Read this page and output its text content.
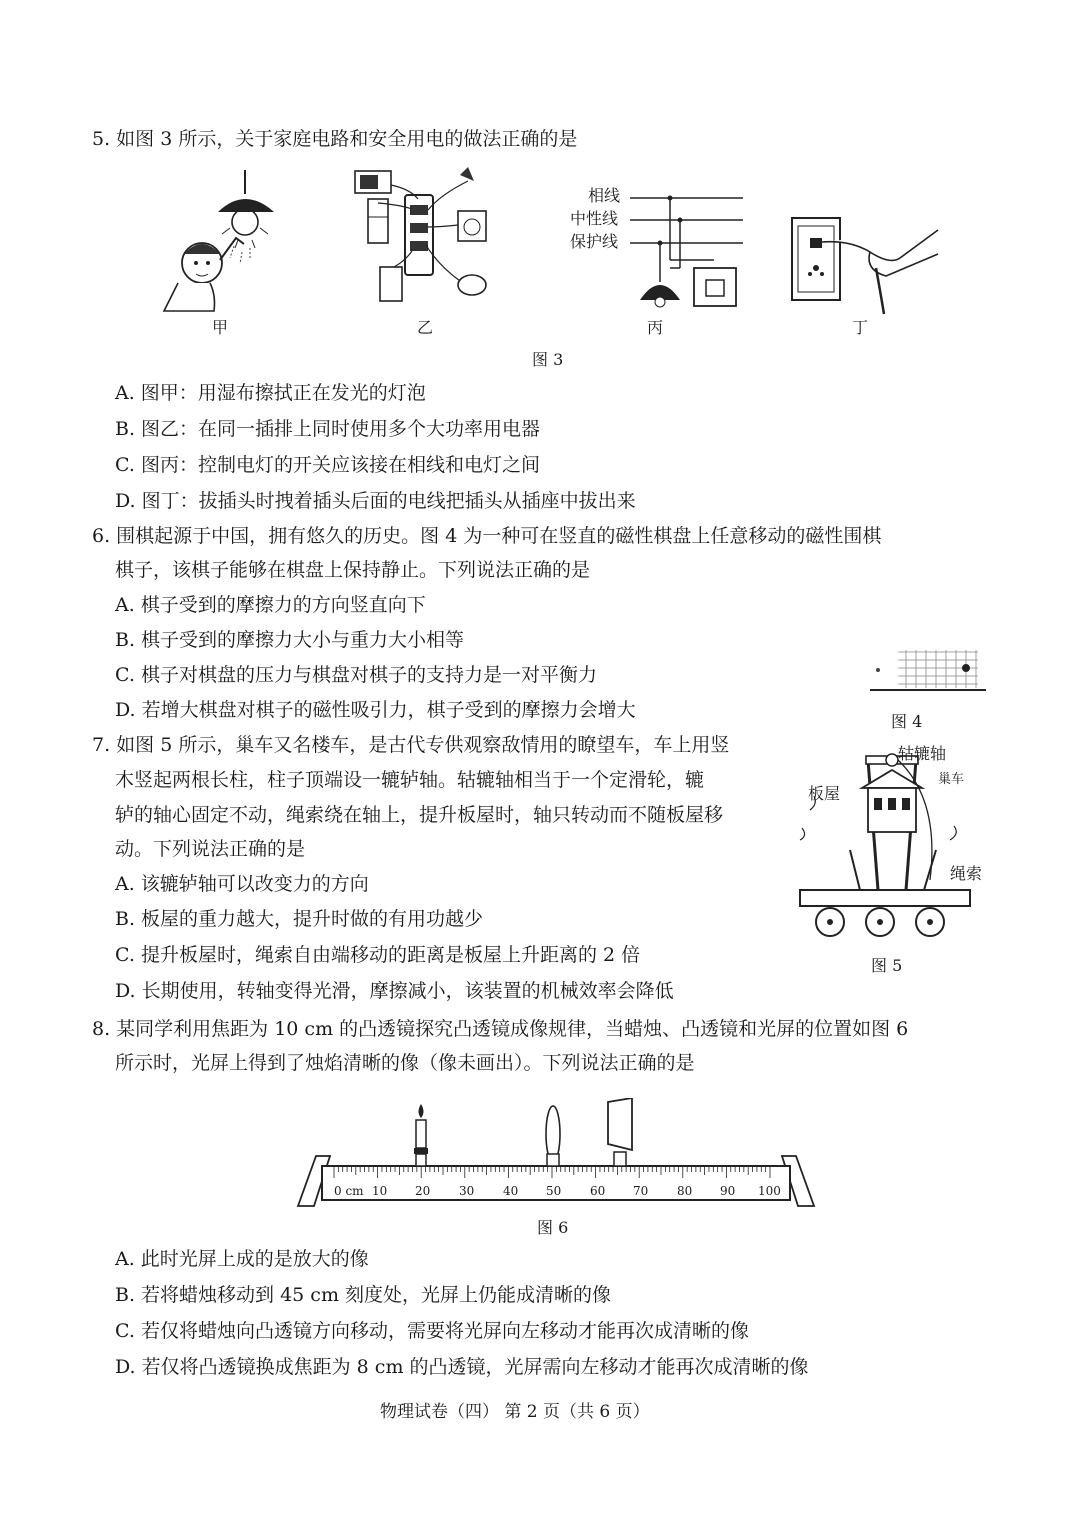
5. 如图 3 所示，关于家庭电路和安全用电的做法正确的是
甲	乙
相线
中性线
保护线
丙	丁
图 3
A. 图甲：用湿布擦拭正在发光的灯泡
B. 图乙：在同一插排上同时使用多个大功率用电器
C. 图丙：控制电灯的开关应该接在相线和电灯之间
D. 图丁：拔插头时拽着插头后面的电线把插头从插座中拔出来
6. 围棋起源于中国，拥有悠久的历史。图 4 为一种可在竖直的磁性棋盘上任意移动的磁性围棋
棋子，该棋子能够在棋盘上保持静止。下列说法正确的是
A. 棋子受到的摩擦力的方向竖直向下
B. 棋子受到的摩擦力大小与重力大小相等
C. 棋子对棋盘的压力与棋盘对棋子的支持力是一对平衡力
D. 若增大棋盘对棋子的磁性吸引力，棋子受到的摩擦力会增大
图 4
7. 如图 5 所示，巢车又名楼车，是古代专供观察敌情用的瞭望车，车上用竖
木竖起两根长柱，柱子顶端设一辘轳轴。轱辘轴相当于一个定滑轮，辘
轳的轴心固定不动，绳索绕在轴上，提升板屋时，轴只转动而不随板屋移
动。下列说法正确的是
A. 该辘轳轴可以改变力的方向
B. 板屋的重力越大，提升时做的有用功越少
C. 提升板屋时，绳索自由端移动的距离是板屋上升距离的 2 倍
D. 长期使用，转轴变得光滑，摩擦减小，该装置的机械效率会降低
轱辘轴
巢车
板屋
绳索
图 5
8. 某同学利用焦距为 10 cm 的凸透镜探究凸透镜成像规律，当蜡烛、凸透镜和光屏的位置如图 6
所示时，光屏上得到了烛焰清晰的像（像未画出）。下列说法正确的是
0 cm 10 20 30 40 50 60 70 80 90 100
图 6
A. 此时光屏上成的是放大的像
B. 若将蜡烛移动到 45 cm 刻度处，光屏上仍能成清晰的像
C. 若仅将蜡烛向凸透镜方向移动，需要将光屏向左移动才能再次成清晰的像
D. 若仅将凸透镜换成焦距为 8 cm 的凸透镜，光屏需向左移动才能再次成清晰的像
物理试卷（四） 第 2 页（共 6 页）
